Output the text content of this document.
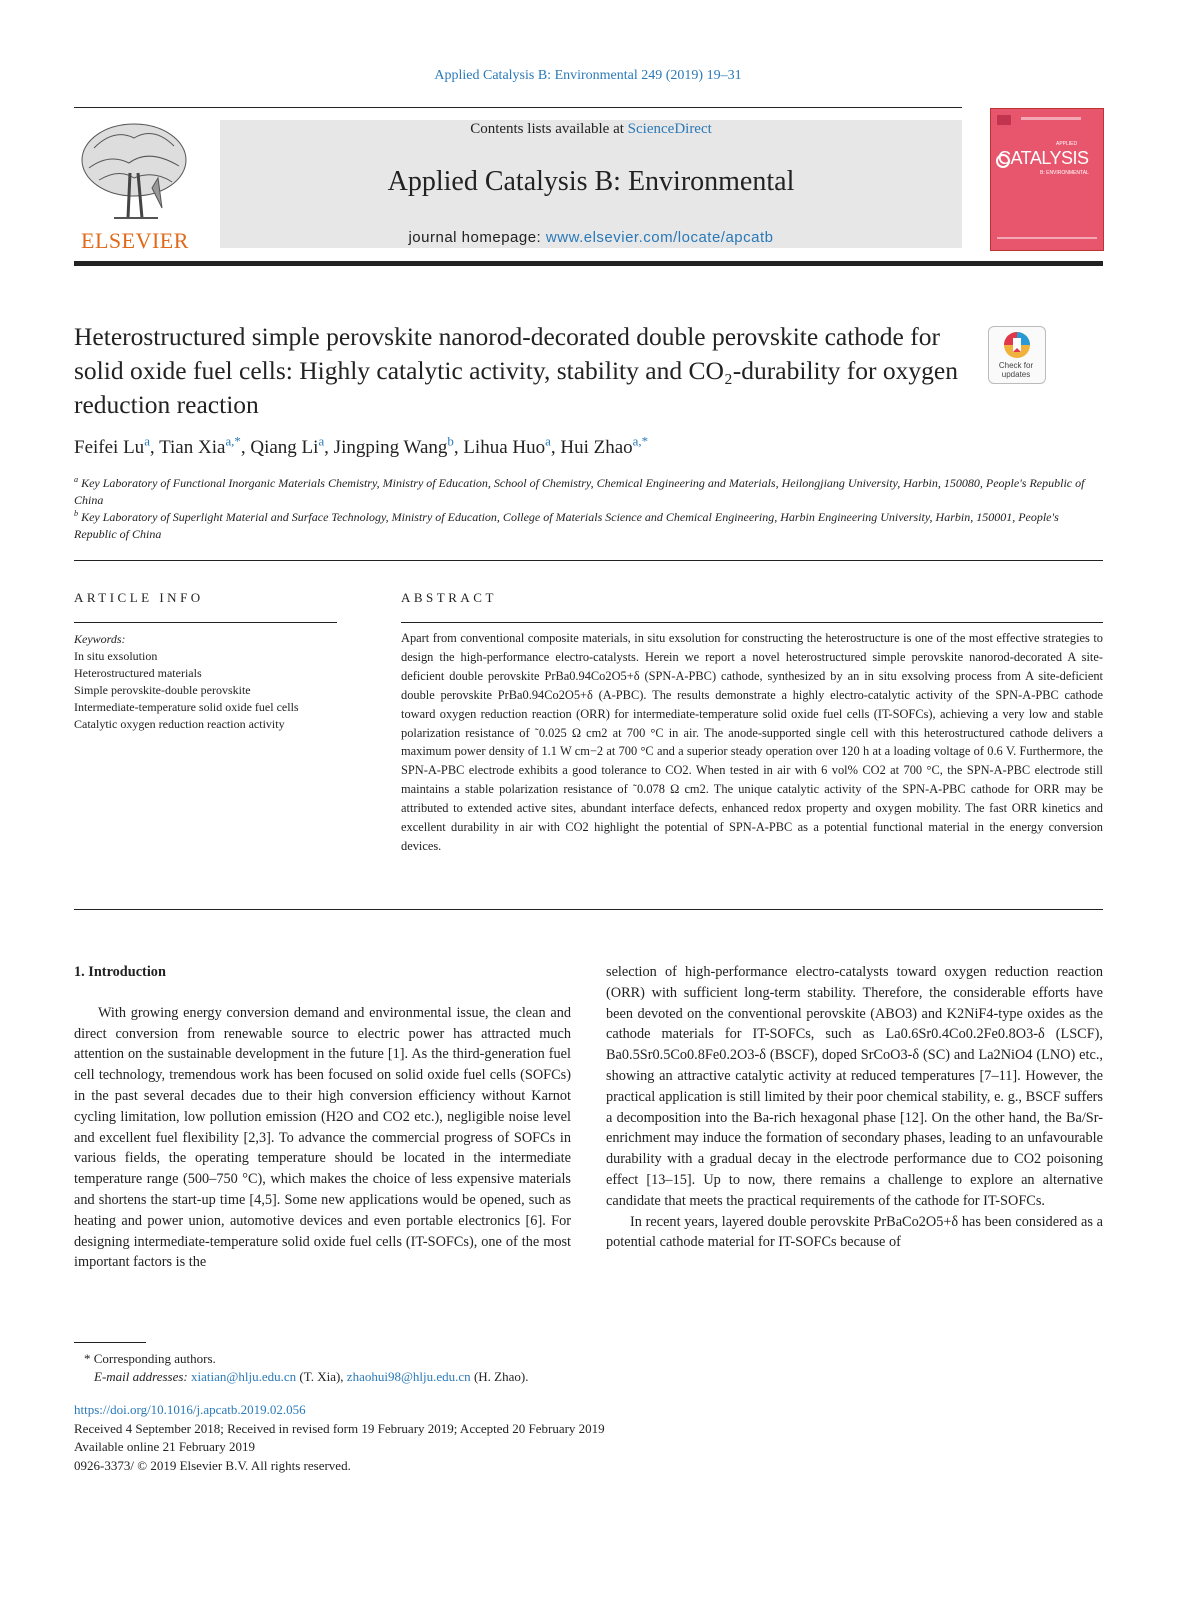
Applied Catalysis B: Environmental 249 (2019) 19–31
ELSEVIER
Contents lists available at ScienceDirect
Applied Catalysis B: Environmental
journal homepage: www.elsevier.com/locate/apcatb
APPLIED
CATALYSIS
B: ENVIRONMENTAL
Heterostructured simple perovskite nanorod-decorated double perovskite cathode for solid oxide fuel cells: Highly catalytic activity, stability and CO₂-durability for oxygen reduction reaction
Check for
updates
Feifei Lu$^a$, Tian Xia$^{a,*}$, Qiang Li$^a$, Jingping Wang$^b$, Lihua Huo$^a$, Hui Zhao$^{a,*}$
$^a$ Key Laboratory of Functional Inorganic Materials Chemistry, Ministry of Education, School of Chemistry, Chemical Engineering and Materials, Heilongjiang University, Harbin, 150080, People's Republic of China
$^b$ Key Laboratory of Superlight Material and Surface Technology, Ministry of Education, College of Materials Science and Chemical Engineering, Harbin Engineering University, Harbin, 150001, People's Republic of China
ARTICLE INFO	ABSTRACT
Keywords:
In situ exsolution
Heterostructured materials
Simple perovskite-double perovskite
Intermediate-temperature solid oxide fuel cells
Catalytic oxygen reduction reaction activity
Apart from conventional composite materials, in situ exsolution for constructing the heterostructure is one of the most effective strategies to design the high-performance electro-catalysts. Herein we report a novel heterostructured simple perovskite nanorod-decorated A site-deficient double perovskite PrBa0.94Co2O5+δ (SPN-A-PBC) cathode, synthesized by an in situ exsolving process from A site-deficient double perovskite PrBa0.94Co2O5+δ (A-PBC). The results demonstrate a highly electro-catalytic activity of the SPN-A-PBC cathode toward oxygen reduction reaction (ORR) for intermediate-temperature solid oxide fuel cells (IT-SOFCs), achieving a very low and stable polarization resistance of ˜0.025 Ω cm2 at 700 °C in air. The anode-supported single cell with this heterostructured cathode delivers a maximum power density of 1.1 W cm−2 at 700 °C and a superior steady operation over 120 h at a loading voltage of 0.6 V. Furthermore, the SPN-A-PBC electrode exhibits a good tolerance to CO2. When tested in air with 6 vol% CO2 at 700 °C, the SPN-A-PBC electrode still maintains a stable polarization resistance of ˜0.078 Ω cm2. The unique catalytic activity of the SPN-A-PBC cathode for ORR may be attributed to extended active sites, abundant interface defects, enhanced redox property and oxygen mobility. The fast ORR kinetics and excellent durability in air with CO2 highlight the potential of SPN-A-PBC as a potential functional material in the energy conversion devices.

1. Introduction

With growing energy conversion demand and environmental issue, the clean and direct conversion from renewable source to electric power has attracted much attention on the sustainable development in the future [1]. As the third-generation fuel cell technology, tremendous work has been focused on solid oxide fuel cells (SOFCs) in the past several decades due to their high conversion efficiency without Karnot cycling limitation, low pollution emission (H2O and CO2 etc.), negligible noise level and excellent fuel flexibility [2,3]. To advance the commercial progress of SOFCs in various fields, the operating temperature should be located in the intermediate temperature range (500–750 °C), which makes the choice of less expensive materials and shortens the start-up time [4,5]. Some new applications would be opened, such as heating and power union, automotive devices and even portable electronics [6]. For designing intermediate-temperature solid oxide fuel cells (IT-SOFCs), one of the most important factors is the

selection of high-performance electro-catalysts toward oxygen reduction reaction (ORR) with sufficient long-term stability. Therefore, the considerable efforts have been devoted on the conventional perovskite (ABO3) and K2NiF4-type oxides as the cathode materials for IT-SOFCs, such as La0.6Sr0.4Co0.2Fe0.8O3-δ (LSCF), Ba0.5Sr0.5Co0.8Fe0.2O3-δ (BSCF), doped SrCoO3-δ (SC) and La2NiO4 (LNO) etc., showing an attractive catalytic activity at reduced temperatures [7–11]. However, the practical application is still limited by their poor chemical stability, e. g., BSCF suffers a decomposition into the Ba-rich hexagonal phase [12]. On the other hand, the Ba/Sr-enrichment may induce the formation of secondary phases, leading to an unfavourable durability with a gradual decay in the electrode performance due to CO2 poisoning effect [13–15]. Up to now, there remains a challenge to explore an alternative candidate that meets the practical requirements of the cathode for IT-SOFCs.

In recent years, layered double perovskite PrBaCo2O5+δ has been considered as a potential cathode material for IT-SOFCs because of

* Corresponding authors.
E-mail addresses: xiatian@hlju.edu.cn (T. Xia), zhaohui98@hlju.edu.cn (H. Zhao).
https://doi.org/10.1016/j.apcatb.2019.02.056
Received 4 September 2018; Received in revised form 19 February 2019; Accepted 20 February 2019
Available online 21 February 2019
0926-3373/ © 2019 Elsevier B.V. All rights reserved.
